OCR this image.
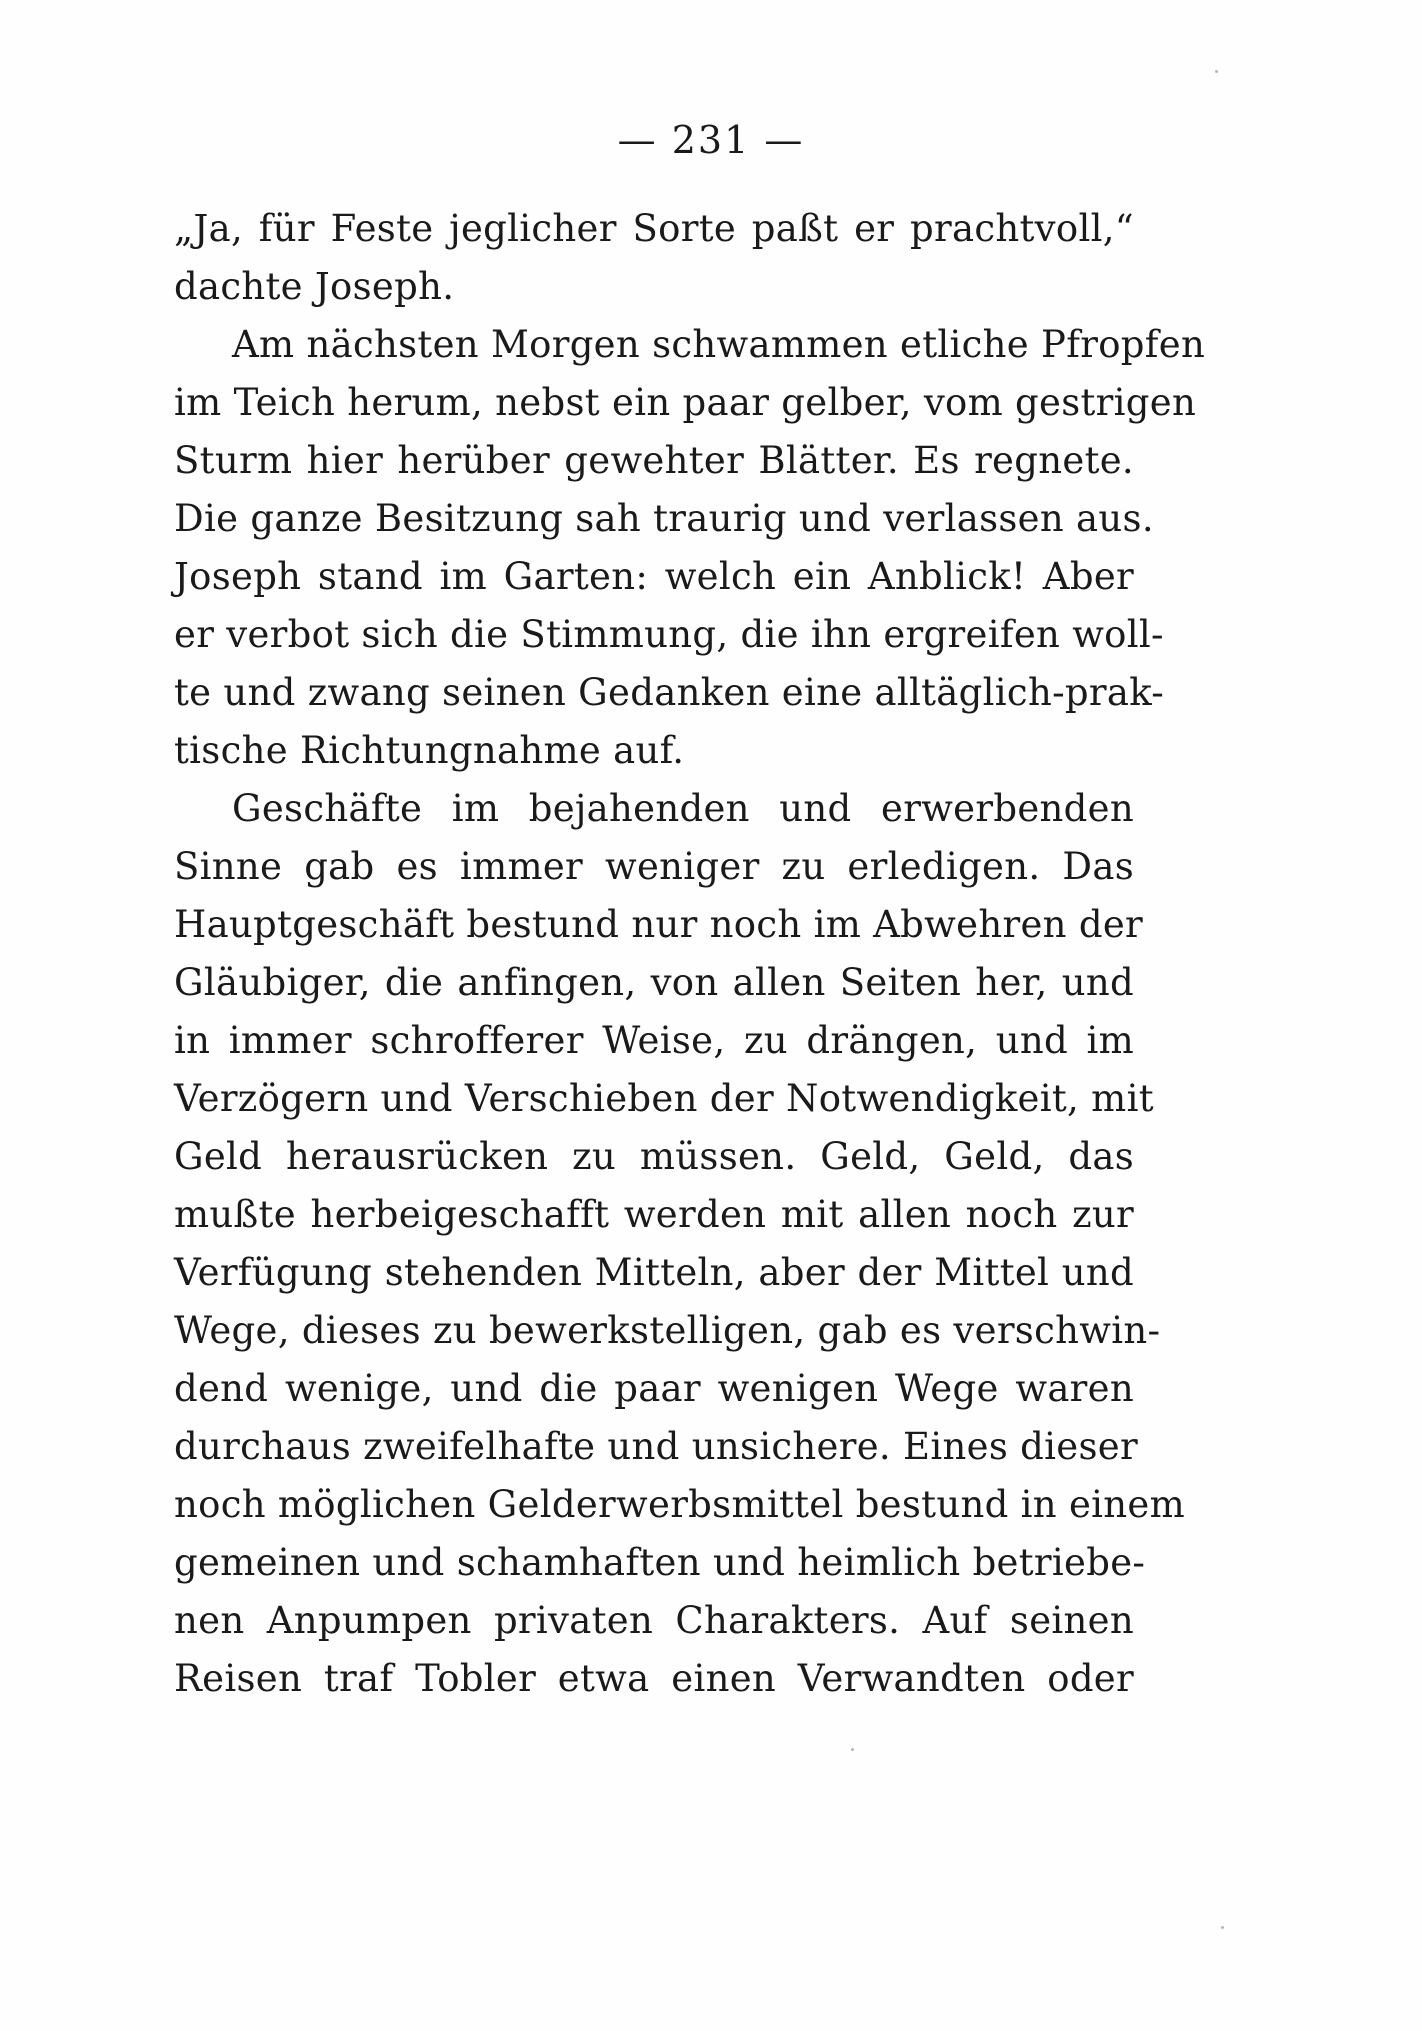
— 231 —
„Ja, für Feste jeglicher Sorte paßt er prachtvoll,“
dachte Joseph.
Am nächsten Morgen schwammen etliche Pfropfen
im Teich herum, nebst ein paar gelber, vom gestrigen
Sturm hier herüber gewehter Blätter. Es regnete.
Die ganze Besitzung sah traurig und verlassen aus.
Joseph stand im Garten: welch ein Anblick! Aber
er verbot sich die Stimmung, die ihn ergreifen woll-
te und zwang seinen Gedanken eine alltäglich-prak-
tische Richtungnahme auf.
Geschäfte im bejahenden und erwerbenden
Sinne gab es immer weniger zu erledigen. Das
Hauptgeschäft bestund nur noch im Abwehren der
Gläubiger, die anfingen, von allen Seiten her, und
in immer schrofferer Weise, zu drängen, und im
Verzögern und Verschieben der Notwendigkeit, mit
Geld herausrücken zu müssen. Geld, Geld, das
mußte herbeigeschafft werden mit allen noch zur
Verfügung stehenden Mitteln, aber der Mittel und
Wege, dieses zu bewerkstelligen, gab es verschwin-
dend wenige, und die paar wenigen Wege waren
durchaus zweifelhafte und unsichere. Eines dieser
noch möglichen Gelderwerbsmittel bestund in einem
gemeinen und schamhaften und heimlich betriebe-
nen Anpumpen privaten Charakters. Auf seinen
Reisen traf Tobler etwa einen Verwandten oder
